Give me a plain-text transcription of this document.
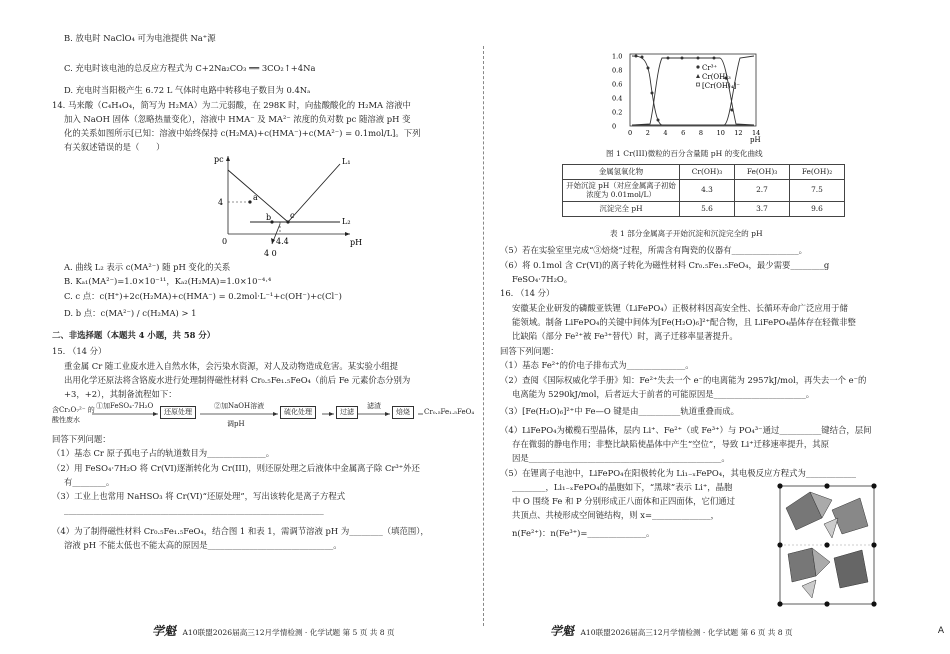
B. 放电时 NaClO₄ 可为电池提供 Na⁺源
C. 充电时该电池的总反应方程式为 C+2Na₂CO₃ ══ 3CO₂↑+4Na
D. 充电时当阳极产生 6.72 L 气体时电路中转移电子数目为 0.4Nₐ
14. 马来酸（C₄H₄O₄，简写为 H₂MA）为二元弱酸，在 298K 时，向盐酸酸化的 H₂MA 溶液中
加入 NaOH 固体（忽略热量变化），溶液中 HMA⁻ 及 MA²⁻ 浓度的负对数 pc 随溶液 pH 变
化的关系如图所示[已知：溶液中始终保持 c(H₂MA)+c(HMA⁻)+c(MA²⁻) = 0.1mol/L]。下列
有关叙述错误的是（　　）
pc
pH
L₁
L₂
a
b c
4
0	4.4
4 0
A. 曲线 L₂ 表示 c(MA²⁻) 随 pH 变化的关系
B. Kₐ₁(MA²⁻)=1.0×10⁻¹¹，Kₐ₂(H₂MA)=1.0×10⁻⁴·⁴
C. c 点：c(H⁺)+2c(H₂MA)+c(HMA⁻) = 0.2mol·L⁻¹+c(OH⁻)+c(Cl⁻)
D. b 点：c(MA²⁻) / c(H₂MA) > 1
二、非选择题（本题共 4 小题，共 58 分）
15. （14 分）
重金属 Cr 随工业废水进入自然水体，会污染水资源，对人及动物造成危害。某实验小组提
出用化学还原法将含铬废水进行处理制得磁性材料 Cr₀.₅Fe₁.₅FeO₄（前后 Fe 元素价态分别为
+3，+2），其制备流程如下：
含Cr₂O₇²⁻ 的
酸性废水
①加FeSO₄·7H₂O
还原处理
②加NaOH溶液
调pH
硫化处理	过滤
滤渣
焙烧	Cr₀.₅Fe₁.₅FeO₄
回答下列问题：
（1）基态 Cr 原子孤电子占的轨道数目为______________。
（2）用 FeSO₄·7H₂O 将 Cr(VI)逐渐转化为 Cr(III)，则还原处理之后液体中金属离子除 Cr³⁺外还
有________。
（3）工业上也常用 NaHSO₃ 将 Cr(VI)“还原处理”，写出该转化是离子方程式
______________________________________________________________
（4）为了制得磁性材料 Cr₀.₅Fe₁.₅FeO₄，结合图 1 和表 1，需调节溶液 pH 为________（填范围），
溶液 pH 不能太低也不能太高的原因是______________________________。
学魁 A10联盟2026届高三12月学情检测 · 化学试题 第 5 页 共 8 页
1.0
0.8
0.6
0.4
0.2
0
0 2 4 6 8 10 12 14
Cr³⁺
Cr(OH)₃
[Cr(OH)₄]⁻
pH
图 1 Cr(III)微粒的百分含量随 pH 的变化曲线
金属氢氧化物	Cr(OH)₃	Fe(OH)₃	Fe(OH)₂
开始沉淀 pH（对应金属离子初始浓度为 0.01mol/L）	4.3	2.7	7.5
沉淀完全 pH	5.6	3.7	9.6
表 1 部分金属离子开始沉淀和沉淀完全的 pH
（5）若在实验室里完成“③焙烧”过程，所需含有陶瓷的仪器有________________。
（6）将 0.1mol 含 Cr(VI)的离子转化为磁性材料 Cr₀.₅Fe₁.₅FeO₄，最少需要________g
FeSO₄·7H₂O。
16. （14 分）
安徽某企业研发的磷酸亚铁锂（LiFePO₄）正极材料因高安全性、长循环寿命广泛应用于储
能领域。制备 LiFePO₄的关键中间体为[Fe(H₂O)₆]²⁺配合物，且 LiFePO₄晶体存在轻微非整
比缺陷（部分 Fe²⁺被 Fe³⁺替代）时，离子迁移率显著提升。
回答下列问题：
（1）基态 Fe²⁺的价电子排布式为______________。
（2）查阅《国际权威化学手册》知：Fe²⁺失去一个 e⁻的电离能为 2957kJ/mol，再失去一个 e⁻的
电离能为 5290kJ/mol，后者远大于前者的可能原因是______________________。
（3）[Fe(H₂O)₆]²⁺中 Fe—O 键是由__________轨道重叠而成。
（4）LiFePO₄为橄榄石型晶体，层内 Li⁺、Fe²⁺（或 Fe³⁺）与 PO₄³⁻通过__________键结合，层间
存在微弱的静电作用；非整比缺陷使晶体中产生“空位”，导致 Li⁺迁移速率提升，其原
因是______________________________________________。
（5）在锂离子电池中，LiFePO₄在阳极转化为 Li₁₋ₓFePO₄，其电极反应方程式为____________
________，Li₁₋ₓFePO₄的晶胞如下，“黑球”表示 Li⁺，晶胞
中 O 围绕 Fe 和 P 分别形成正八面体和正四面体，它们通过
共顶点、共棱形成空间链结构，则 x=______________，
n(Fe²⁺)：n(Fe³⁺)=______________。
学魁 A10联盟2026届高三12月学情检测 · 化学试题 第 6 页 共 8 页	A
